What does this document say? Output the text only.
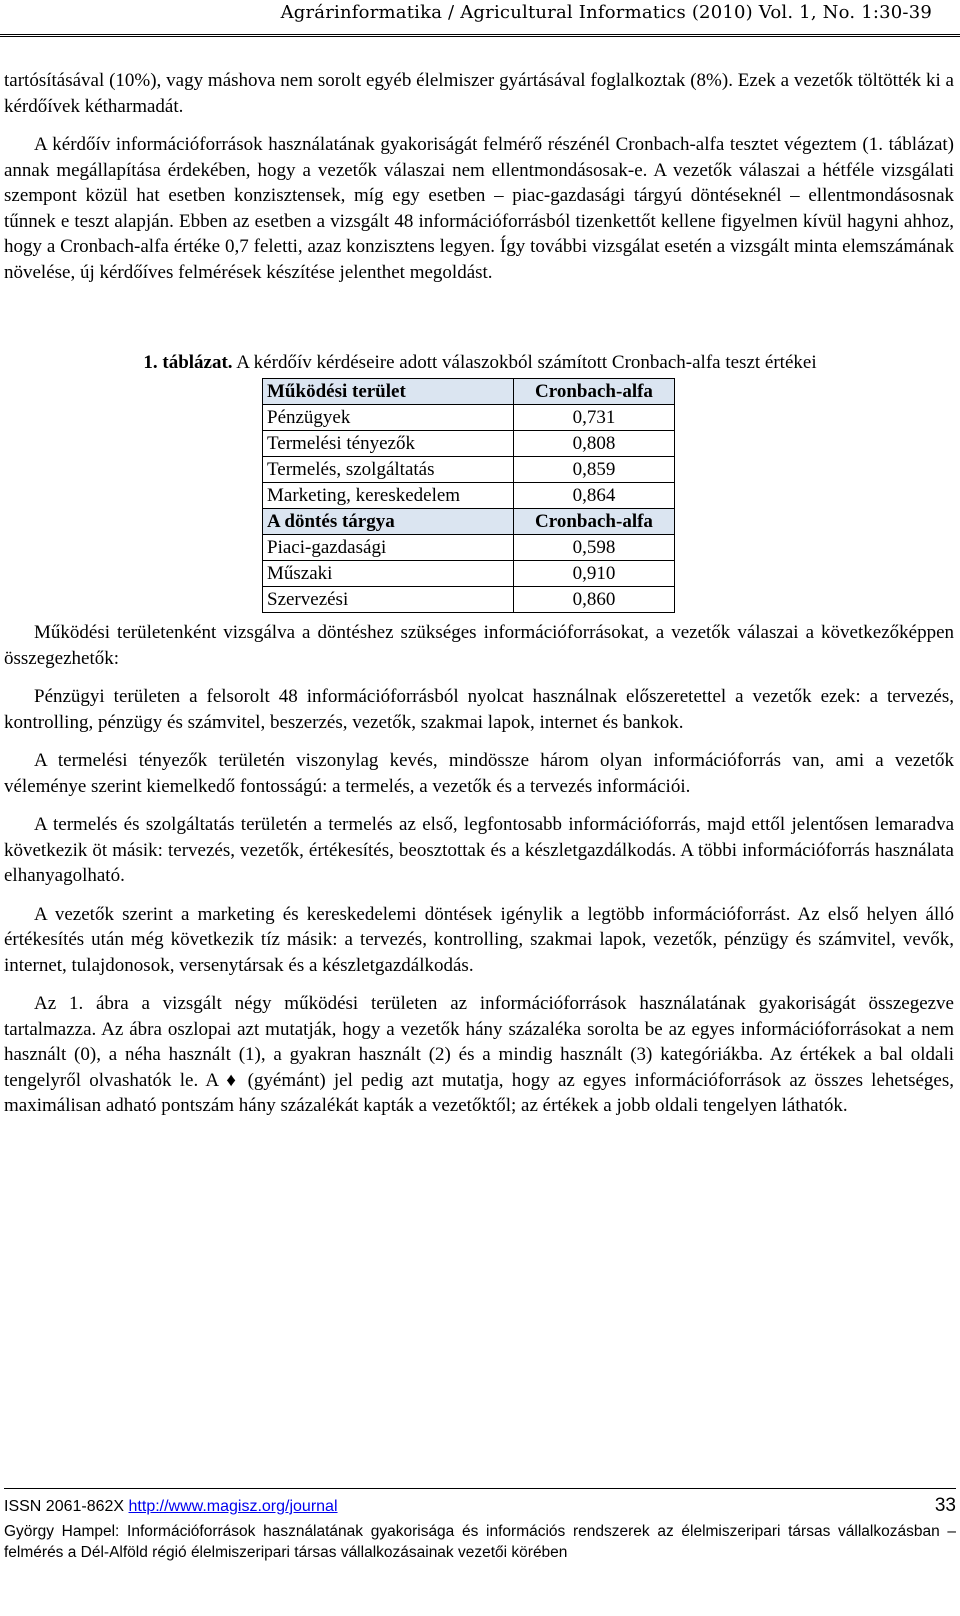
Agrárinformatika / Agricultural Informatics (2010) Vol. 1, No. 1:30-39

tartósításával (10%), vagy máshova nem sorolt egyéb élelmiszer gyártásával foglalkoztak (8%). Ezek a vezetők töltötték ki a kérdőívek kétharmadát.

A kérdőív információforrások használatának gyakoriságát felmérő részénél Cronbach-alfa tesztet végeztem (1. táblázat) annak megállapítása érdekében, hogy a vezetők válaszai nem ellentmondásosak-e. A vezetők válaszai a hétféle vizsgálati szempont közül hat esetben konzisztensek, míg egy esetben – piac-gazdasági tárgyú döntéseknél – ellentmondásosnak tűnnek e teszt alapján. Ebben az esetben a vizsgált 48 információforrásból tizenkettőt kellene figyelmen kívül hagyni ahhoz, hogy a Cronbach-alfa értéke 0,7 feletti, azaz konzisztens legyen. Így további vizsgálat esetén a vizsgált minta elemszámának növelése, új kérdőíves felmérések készítése jelenthet megoldást.

1. táblázat. A kérdőív kérdéseire adott válaszokból számított Cronbach-alfa teszt értékei
Működési terület	Cronbach-alfa
Pénzügyek	0,731
Termelési tényezők	0,808
Termelés, szolgáltatás	0,859
Marketing, kereskedelem	0,864
A döntés tárgya	Cronbach-alfa
Piaci-gazdasági	0,598
Műszaki	0,910
Szervezési	0,860

Működési területenként vizsgálva a döntéshez szükséges információforrásokat, a vezetők válaszai a következőképpen összegezhetők:

Pénzügyi területen a felsorolt 48 információforrásból nyolcat használnak előszeretettel a vezetők ezek: a tervezés, kontrolling, pénzügy és számvitel, beszerzés, vezetők, szakmai lapok, internet és bankok.

A termelési tényezők területén viszonylag kevés, mindössze három olyan információforrás van, ami a vezetők véleménye szerint kiemelkedő fontosságú: a termelés, a vezetők és a tervezés információi.

A termelés és szolgáltatás területén a termelés az első, legfontosabb információforrás, majd ettől jelentősen lemaradva következik öt másik: tervezés, vezetők, értékesítés, beosztottak és a készletgazdálkodás. A többi információforrás használata elhanyagolható.

A vezetők szerint a marketing és kereskedelemi döntések igénylik a legtöbb információforrást. Az első helyen álló értékesítés után még következik tíz másik: a tervezés, kontrolling, szakmai lapok, vezetők, pénzügy és számvitel, vevők, internet, tulajdonosok, versenytársak és a készletgazdálkodás.

Az 1. ábra a vizsgált négy működési területen az információforrások használatának gyakoriságát összegezve tartalmazza. Az ábra oszlopai azt mutatják, hogy a vezetők hány százaléka sorolta be az egyes információforrásokat a nem használt (0), a néha használt (1), a gyakran használt (2) és a mindig használt (3) kategóriákba. Az értékek a bal oldali tengelyről olvashatók le. A ♦ (gyémánt) jel pedig azt mutatja, hogy az egyes információforrások az összes lehetséges, maximálisan adható pontszám hány százalékát kapták a vezetőktől; az értékek a jobb oldali tengelyen láthatók.

ISSN 2061-862X http://www.magisz.org/journal	33
György Hampel: Információforrások használatának gyakorisága és információs rendszerek az élelmiszeripari társas vállalkozásban – felmérés a Dél-Alföld régió élelmiszeripari társas vállalkozásainak vezetői körében
